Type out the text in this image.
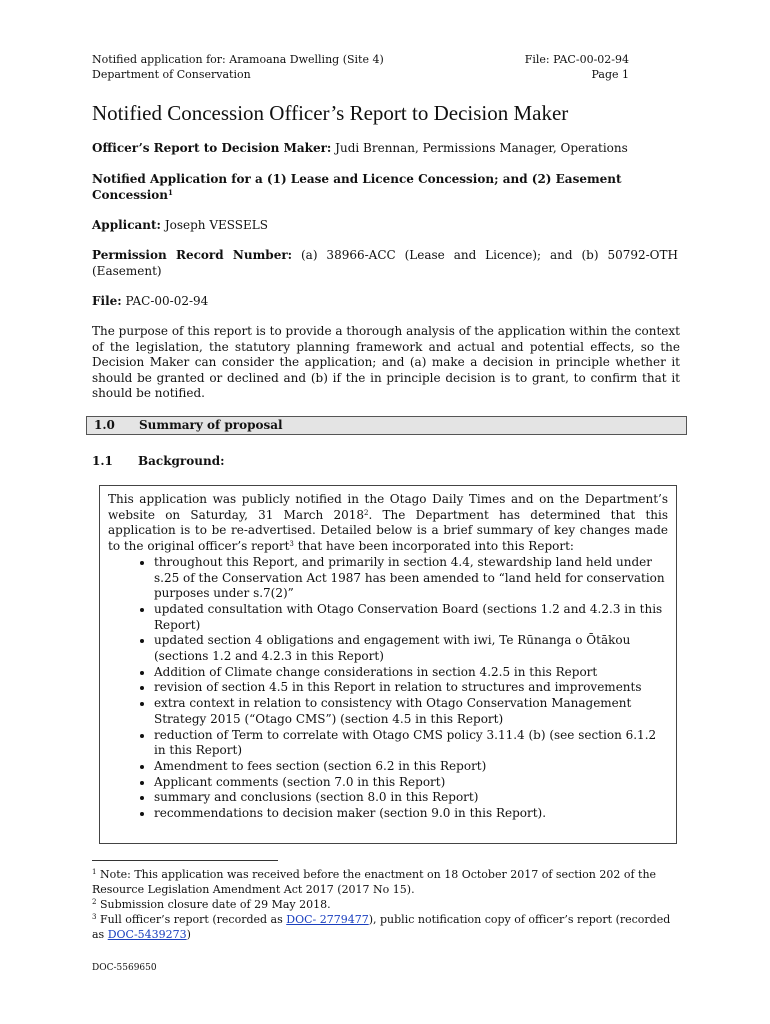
Notified application for: Aramoana Dwelling (Site 4)
Department of Conservation
File: PAC-00-02-94
Page 1
Notified Concession Officer’s Report to Decision Maker
Officer’s Report to Decision Maker: Judi Brennan, Permissions Manager, Operations
Notified Application for a (1) Lease and Licence Concession; and (2) Easement Concession$^1$
Applicant: Joseph VESSELS
Permission Record Number: (a) 38966-ACC (Lease and Licence); and (b) 50792-OTH (Easement)
File: PAC-00-02-94
The purpose of this report is to provide a thorough analysis of the application within the context of the legislation, the statutory planning framework and actual and potential effects, so the Decision Maker can consider the application; and (a) make a decision in principle whether it should be granted or declined and (b) if the in principle decision is to grant, to confirm that it should be notified.
1.0 Summary of proposal
1.1 Background:

This application was publicly notified in the Otago Daily Times and on the Department’s website on Saturday, 31 March 2018$^2$. The Department has determined that this application is to be re-advertised. Detailed below is a brief summary of key changes made to the original officer’s report$^3$ that have been incorporated into this Report:

• throughout this Report, and primarily in section 4.4, stewardship land held under s.25 of the Conservation Act 1987 has been amended to “land held for conservation purposes under s.7(2)”
• updated consultation with Otago Conservation Board (sections 1.2 and 4.2.3 in this Report)
• updated section 4 obligations and engagement with iwi, Te Rūnanga o Ōtākou (sections 1.2 and 4.2.3 in this Report)
• Addition of Climate change considerations in section 4.2.5 in this Report
• revision of section 4.5 in this Report in relation to structures and improvements
• extra context in relation to consistency with Otago Conservation Management Strategy 2015 (“Otago CMS”) (section 4.5 in this Report)
• reduction of Term to correlate with Otago CMS policy 3.11.4 (b) (see section 6.1.2 in this Report)
• Amendment to fees section (section 6.2 in this Report)
• Applicant comments (section 7.0 in this Report)
• summary and conclusions (section 8.0 in this Report)
• recommendations to decision maker (section 9.0 in this Report).

$^1$ Note: This application was received before the enactment on 18 October 2017 of section 202 of the Resource Legislation Amendment Act 2017 (2017 No 15).

$^2$ Submission closure date of 29 May 2018.

$^3$ Full officer’s report (recorded as DOC- 2779477), public notification copy of officer’s report (recorded as DOC-5439273)

DOC-5569650
